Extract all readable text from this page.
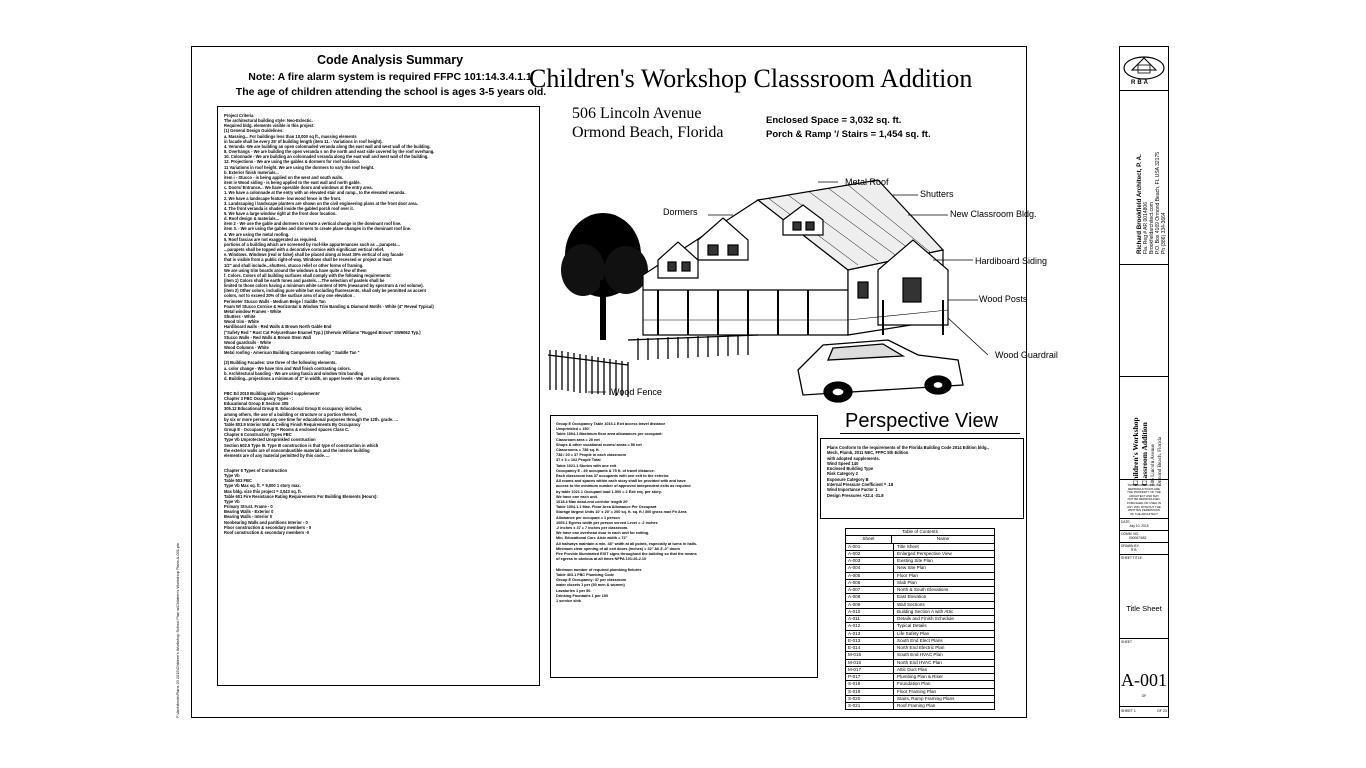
F:\Architects\Plans 20 2015\Children's Workshop School Plan w\Children's Workshop Plans A-001.pln
Code Analysis Summary
Note: A fire alarm system is required FFPC 101:14.3.4.1.1
The age of children attending the school is ages 3-5 years old.
Children's Workshop Classsroom Addition
506 Lincoln Avenue
Ormond Beach, Florida
Enclosed Space = 3,032 sq. ft.
Porch & Ramp '/ Stairs = 1,454 sq. ft.

Project Criteria

The architectural building style: Neo-Eclectic.

Required bldg. elements visible in this project:

(1) General Design Guidelines:

a. Massing... For buildings less than 10,000 sq ft., massing elements

in facade shall be every 25' of building length (item 11. - Variations in roof height).

4. Veranda -We are building an open colonnaded veranda along the east wall and west wall of the building.

8. Overhangs - We are building the open veranda s on the north and east side covered by the roof overhang.

10. Colonnade - We are building an colonnaded veranda along the east wall and west wall of the building.

12. Projections - We are using the gables & dormers for roof variation.

11 Variations in roof height. We are using the dormers to vary the roof height.

b. Exterior finish materials...

item i - Stucco - is being applied on the west and south walls.

item iv Wood siding - is being applied to the east wall and north gable.

c. Doors/ Entrance... We have operable doors and windows at the entry area.

1. We have a colonnade at the entry with an elevated stair and ramp., to the elevated veranda.

2. We have a landscape feature- low wood fence in the front.

3. Landscaping / landscape planters are shown on the civil engineering plans at the front door area.

4. The front veranda is shaded inside the gabled porch roof over it.

5. We have a large window right at the front door location.

d. Roof design & materials...

item 2 - We use the gable and dormers to create a vertical change in the dominant roof line.

item 3. - We are using the gables and dormers to create plane changes in the dominant roof line.

4. We are using the metal roofing.

5. Roof fascias are not exaggerated as required.

portions of a building which are screened by roof-like appurtenances such as ...parapets...

...parapets shall be topped with a decorative cornice with significant vertical relief.

e. Windows. Windows (real or false) shall be placed along at least 30% vertical of any facade

that is visible from a public right-of-way. Windows shall be recessed or project at least

1/2" and shall include...shutters, stucco relief or other forms of framing.

We are using trim boards around the windows & have quite a few of them

f. Colors. Colors of all building surfaces shall comply with the following requirements:

(item 1) Colors shall be earth tones and pastels. ...The selection of pastels shall be

limited to those colors having a minimum white content of 90% (measured by spectrum & rod volume).

(item 2) Other colors, including pure white but excluding fluorescents, shall only be permitted as accent

colors, not to exceed 20% of the surface area of any one elevation .

Perimeter Stucco Walls - Medium Beige / Saddle Tan

Foam W/ Stucco Cornice & Horizontal & Window Trim Banding & Diamond Motifs - White (4" Reveal Typical)

Metal window Frames - White

Shutters - White

Wood trim - White

Hardiboard walls - Red Walls & Brown North Gable End

("Safety Red " Rust Cat Polyurethane Enamel Typ.) (Sherwin Williams "Rugged Brown" SW6062 Typ.)

Stucco Walls - Red Walls & Brown Stem Wall

Wood guardrails - White

Wood Columns - White

Metal roofing - American Building Components roofing " Saddle Tan "

(2) Building Facades: Use three of the following elements.

a. color change - We have trim and Wall finish contrasting colors.

b. Architectural banding - We are using fascia and window trim banding

d. Building...projections a minimum of 3" in width, on upper levels - We are using dormers.

FBC Ed 2010 Building with adopted supplements'

Chapter 3 FBC Occupancy Types - :

Educational Group E Section 305

305.12 Educational Group E. Educational Group E occupancy includes,

among others, the use of a building or structure or a portion thereof,

by six or more persons any one time for educational purposes through the 12th. grade. ...

Table 803.9 Interior Wall & Ceiling Finish Requirements By Occupancy

Group E - Occupancy type = Rooms & enclosed spaces Class C.

Chapter 6 Construction Types FBC

Type Vb Unprotected Unsprinkled construction

Section 602.5 Type III. Type III construction is that type of construction in which

the exterior walls are of noncombustible materials and the interior building

elements are of any material permitted by this code. ...

Chapter 6 Types of Construction

Type Vb

Table 503 FBC

Type Vb Max sq. ft. = 9,000 1 story max.

Max bldg. size this project = 3,043 sq. ft.

Table 601 Fire Resistance Rating Requirements For Building Elements (Hours):

Type Vb

Primary Struct. Frame - 0

Bearing Walls - Exterior 0

Bearing Walls - Interior 0

Nonbearing Walls and partitions Interior - 0

Floor construction & secondary members - 0

Roof construction & secondary members -0

Metal Roof
Shutters
Dormers	New Classroom Bldg.
Hardiboard Siding
Wood Posts
Wood Guardrail
Wood Fence
Perspective View

Group E Occupancy Table 1016.1 Exit access travel distance

Unsprinkled = 150'

Table 1004.1 Maximum floor area allowances per occupant:

Classroom area = 20 net

Shops & other vocational rooms/ areas = 50 net

Classrooms = 738 sq. ft.

738 / 20 = 37 People in each classroom

37 x 3 = 102 People Total

Table 1021.1 Stories with one exit

Occupancy E - 49 occupants & 75 ft. of travel distance.

Each classroom has 37 occupants with one exit to the exterior.

All rooms and spaces within each story shall be provided with and have

access to the minimum number of approved independent exits as required

by table 1021.1 Occupant load 1-500 = 2 Exit req. per story.

We have one each unit.

1018.4 Max dead-end corridor length 20'

Table 1004.1.1 Max. Floor Area Allowance Per Occupant

Storage largest Units 10' x 20' = 200 sq. ft. sq. ft./ 300 gross max Fir Area

Allowance per occupant = 1 person

1005.1 Egress width per person served Level = .2 inches

.2 inches x 37 = 7 inches per classroom.

We have one overhead door in each unit for exiting.

Min. Educational Corr. Aisle width = 72"

All hallways maintain a min. 48" width at all points, especially at turns in halls.

Minimum clear opening of all exit doors (inches) = 32" All 3'-0" doors

Fire Provide Illuminated EXIT signs throughout the building so that the means

of egress in obvious at all times NFPA 101:26-2.10

Minimum number of required plumbing fixtures

Table 403.1 FBC Plumbing Code

Group E Occupancy: 37 per classroom

water closets 1 per (50 men & women)

Lavatories 1 per 50.

Drinking Fountains 1 per 100

1 service sink

Plans Conform to the requirements of the Florida Building Code 2014 Edition bldg.,

Mech, Plumb, 2011 NEC, FFPC 5th Edition

with adopted supplements.

Wind Speed 140

Enclosed Building Type

Risk Category 2

Exposure Category B

Internal Pressure Coefficient = .18

Wind Importance Factor 1

Design Pressures +22.4 -31.8

Table of Contents
Sheet	Name
A-001	Title Sheet
A-002	Enlarged Perspective View
A-003	Existing Site Plan
A-004	New Site Plan
A-005	Floor Plan
A-006	Slab Plan
A-007	North & South Elevations
A-008	East Elevation
A-009	Wall Sections
A-010	Building Section A with Attic
A-011	Details and Finish Schedule
A-012	Typical Details
A-013	Life Safety Plan
E-013	South End Elect Plans
E-014	North End Electric Plan
M-015	South End HVAC Plan
M-016	North End HVAC Plan
M-017	Attic Duct Plan
P-017	Plumbing Plan & Riser
S-018	Foundation Plan
S-019	Floor Framing Plan
S-020	Stairs, Ramp Framing Plans
S-021	Roof Framing Plan
RBA
Richard Brookfield Architect, P. A. Fla. Reg # AR 0014806 Brookfieldarchitect.com P.O. Box 4169 Ormond Beach, FL USA 32175 Ph (386) 334-3664
Children's Workshop Classroom Addition 506 Lincoln Avenue Ormond Beach, Florida
THIS DRAWING AND ITS
REPRODUCTIONS ARE
THE PROPERTY OF THE
ARCHITECT AND MAY
NOT BE REPRODUCED,
PUBLISHED OR USED IN
ANY WAY WITHOUT THE
WRITTEN PERMISSION
OF THE ARCHITECT
DATE:
July 10, 2015
COMM. NO.
000067/682
DRAWN BY:
R.B.
SHEET TITLE:
Title Sheet
SHEET
A-001
OF
SHEET 1	OF 23
